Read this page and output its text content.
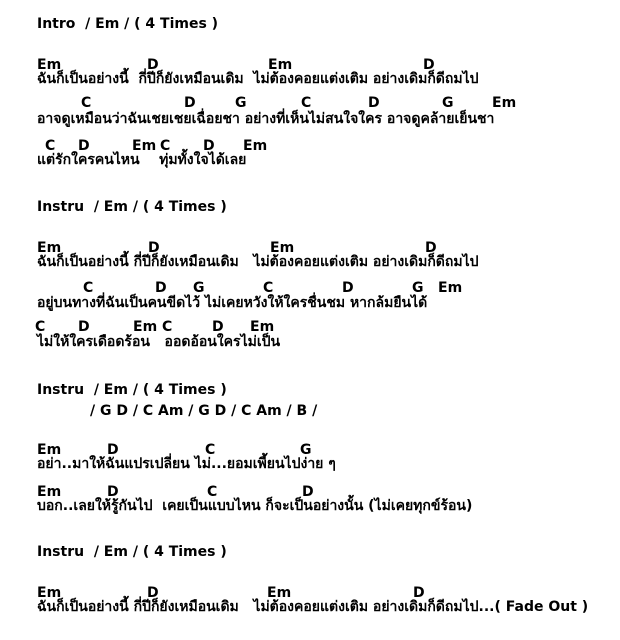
Intro  / Em / ( 4 Times )
Em	D	Em	D
ฉันก็เป็นอย่างนี้  กี่ปีก็ยังเหมือนเดิม  ไม่ต้องคอยแต่งเติม อย่างเดิมก็ดีถมไป
C	D	G	C	D	G	Em
อาจดูเหมือนว่าฉันเชยเชยเฉื่อยชา อย่างที่เห็นไม่สนใจใคร อาจดูคล้ายเย็นชา
C D	Em C D Em
แต่รักใครคนไหน    ทุ่มทั้งใจได้เลย
Instru  / Em / ( 4 Times )
Em	D	Em	D
ฉันก็เป็นอย่างนี้ กี่ปีก็ยังเหมือนเดิม   ไม่ต้องคอยแต่งเติม อย่างเดิมก็ดีถมไป
C	D G	C	D	G Em
อยู่บนทางที่ฉันเป็นคนขีดไว้ ไม่เคยหวังให้ใครชื่นชม หากล้มยืนได้
C D	Em C	D Em
ไม่ให้ใครเดือดร้อน   ออดอ้อนใครไม่เป็น
Instru  / Em / ( 4 Times )
/ G D / C Am / G D / C Am / B /
Em	D	C	G
อย่า..มาให้ฉันแปรเปลี่ยน ไม่...ยอมเพี้ยนไปง่าย ๆ
Em	D	C	D
บอก..เลยให้รู้กันไป  เคยเป็นแบบไหน ก็จะเป็นอย่างนั้น (ไม่เคยทุกข์ร้อน)
Instru  / Em / ( 4 Times )
Em	D	Em	D
ฉันก็เป็นอย่างนี้ กี่ปีก็ยังเหมือนเดิม   ไม่ต้องคอยแต่งเติม อย่างเดิมก็ดีถมไป...( Fade Out )
